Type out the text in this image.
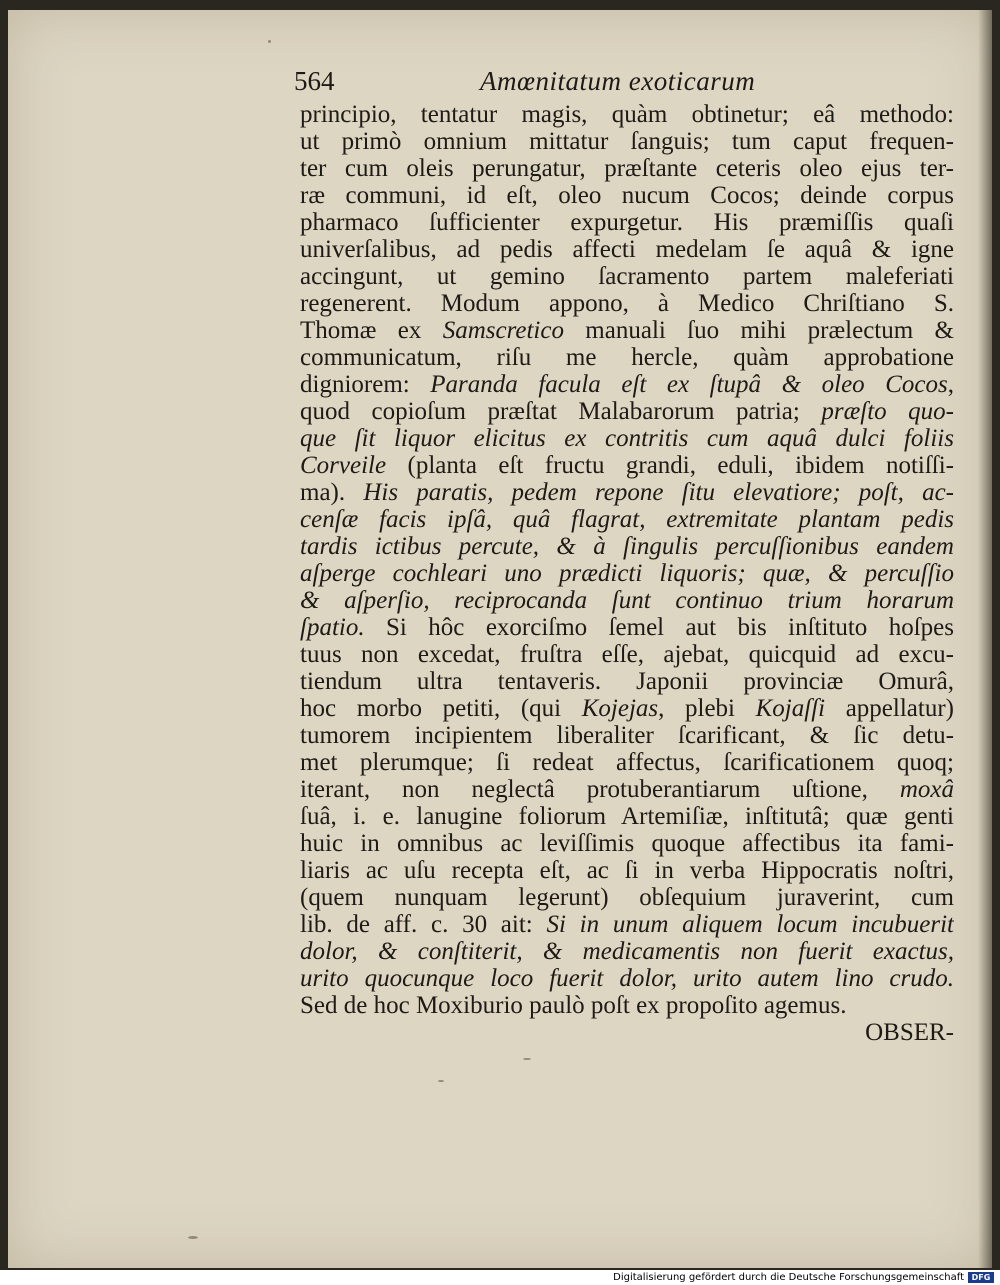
564	Amœnitatum exoticarum
principio, tentatur magis, quàm obtinetur; eâ methodo:
ut primò omnium mittatur ſanguis; tum caput frequen-
ter cum oleis perungatur, præſtante ceteris oleo ejus ter-
ræ communi, id eſt, oleo nucum Cocos; deinde corpus
pharmaco ſufficienter expurgetur. His præmiſſis quaſi
univerſalibus, ad pedis affecti medelam ſe aquâ & igne
accingunt, ut gemino ſacramento partem maleferiati
regenerent. Modum appono, à Medico Chriſtiano S.
Thomæ ex Samscretico manuali ſuo mihi prælectum &
communicatum, riſu me hercle, quàm approbatione
digniorem: Paranda facula eſt ex ſtupâ & oleo Cocos,
quod copioſum præſtat Malabarorum patria; præſto quo-
que ſit liquor elicitus ex contritis cum aquâ dulci foliis
Corveile (planta eſt fructu grandi, eduli, ibidem notiſſi-
ma). His paratis, pedem repone ſitu elevatiore; poſt, ac-
cenſæ facis ipſâ, quâ flagrat, extremitate plantam pedis
tardis ictibus percute, & à ſingulis percuſſionibus eandem
aſperge cochleari uno prædicti liquoris; quæ, & percuſſio
& aſperſio, reciprocanda ſunt continuo trium horarum
ſpatio. Si hôc exorciſmo ſemel aut bis inſtituto hoſpes
tuus non excedat, fruſtra eſſe, ajebat, quicquid ad excu-
tiendum ultra tentaveris. Japonii provinciæ Omurâ,
hoc morbo petiti, (qui Kojejas, plebi Kojaſſi appellatur)
tumorem incipientem liberaliter ſcarificant, & ſic detu-
met plerumque; ſi redeat affectus, ſcarificationem quoq;
iterant, non neglectâ protuberantiarum uſtione, moxâ
ſuâ, i. e. lanugine foliorum Artemiſiæ, inſtitutâ; quæ genti
huic in omnibus ac leviſſimis quoque affectibus ita fami-
liaris ac uſu recepta eſt, ac ſi in verba Hippocratis noſtri,
(quem nunquam legerunt) obſequium juraverint, cum
lib. de aff. c. 30 ait: Si in unum aliquem locum incubuerit
dolor, & conſtiterit, & medicamentis non fuerit exactus,
urito quocunque loco fuerit dolor, urito autem lino crudo.
Sed de hoc Moxiburio paulò poſt ex propoſito agemus.
OBSER-
Digitalisierung gefördert durch die Deutsche Forschungsgemeinschaft DFG
